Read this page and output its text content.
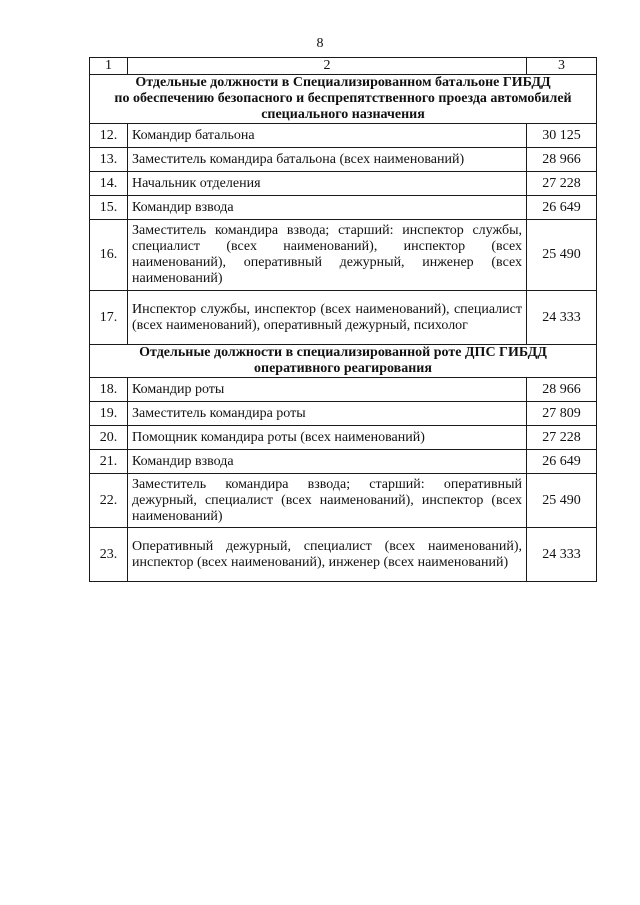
8
1	2	3

Отдельные должности в Специализированном батальоне ГИБДД
по обеспечению безопасного и беспрепятственного проезда автомобилей
специального назначения		

12.	Командир батальона	30 125
13.	Заместитель командира батальона (всех наименований)	28 966
14.	Начальник отделения	27 228
15.	Командир взвода	26 649
16.	Заместитель командира взвода; старший: инспектор службы, специалист (всех наименований), инспектор (всех наименований), оперативный дежурный, инженер (всех наименований)	25 490
17.	Инспектор службы, инспектор (всех наименований), специалист (всех наименований), оперативный дежурный, психолог	24 333

Отдельные должности в специализированной роте ДПС ГИБДД
оперативного реагирования		

18.	Командир роты	28 966
19.	Заместитель командира роты	27 809
20.	Помощник командира роты (всех наименований)	27 228
21.	Командир взвода	26 649
22.	Заместитель командира взвода; старший: оперативный дежурный, специалист (всех наименований), инспектор (всех наименований)	25 490
23.	Оперативный дежурный, специалист (всех наименований), инспектор (всех наименований), инженер (всех наименований)	24 333
